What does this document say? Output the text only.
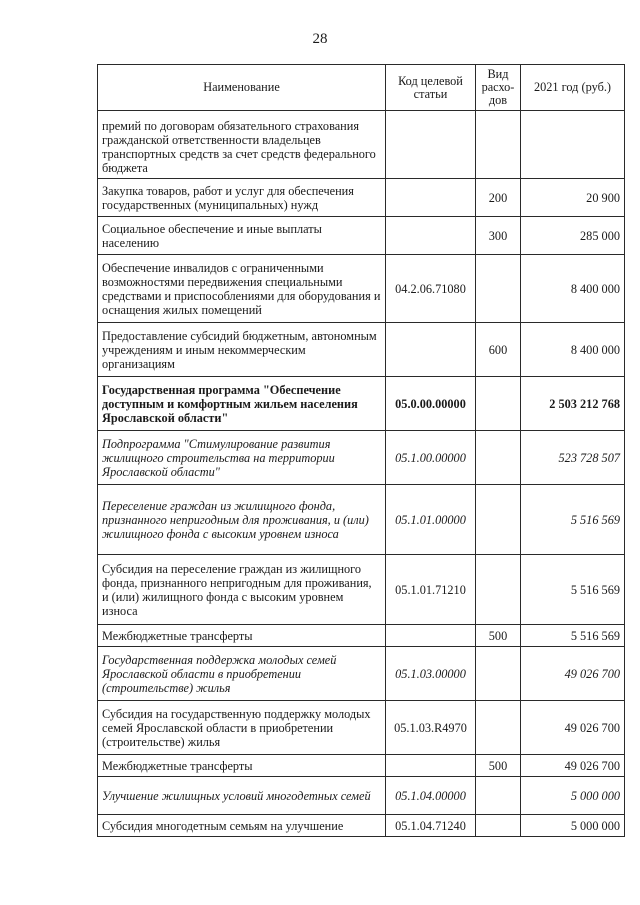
28
Наименование	Код целевой статьи	Вид расхо-дов	2021 год (руб.)
премий по договорам обязательного страхования гражданской ответственности владельцев транспортных средств за счет средств федерального бюджета			
Закупка товаров, работ и услуг для обеспечения государственных (муниципальных) нужд		200	20 900
Социальное обеспечение и иные выплаты населению		300	285 000
Обеспечение инвалидов с ограниченными возможностями передвижения специальными средствами и приспособлениями для оборудования и оснащения жилых помещений	04.2.06.71080		8 400 000
Предоставление субсидий бюджетным, автономным учреждениям и иным некоммерческим организациям		600	8 400 000
Государственная программа "Обеспечение доступным и комфортным жильем населения Ярославской области"	05.0.00.00000		2 503 212 768
Подпрограмма "Стимулирование развития жилищного строительства на территории Ярославской области"	05.1.00.00000		523 728 507
Переселение граждан из жилищного фонда, признанного непригодным для проживания, и (или) жилищного фонда с высоким уровнем износа	05.1.01.00000		5 516 569
Субсидия на переселение граждан из жилищного фонда, признанного непригодным для проживания, и (или) жилищного фонда с высоким уровнем износа	05.1.01.71210		5 516 569
Межбюджетные трансферты		500	5 516 569
Государственная поддержка молодых семей Ярославской области в приобретении (строительстве) жилья	05.1.03.00000		49 026 700
Субсидия на государственную поддержку молодых семей Ярославской области в приобретении (строительстве) жилья	05.1.03.R4970		49 026 700
Межбюджетные трансферты		500	49 026 700
Улучшение жилищных условий многодетных семей	05.1.04.00000		5 000 000
Субсидия многодетным семьям на улучшение	05.1.04.71240		5 000 000
